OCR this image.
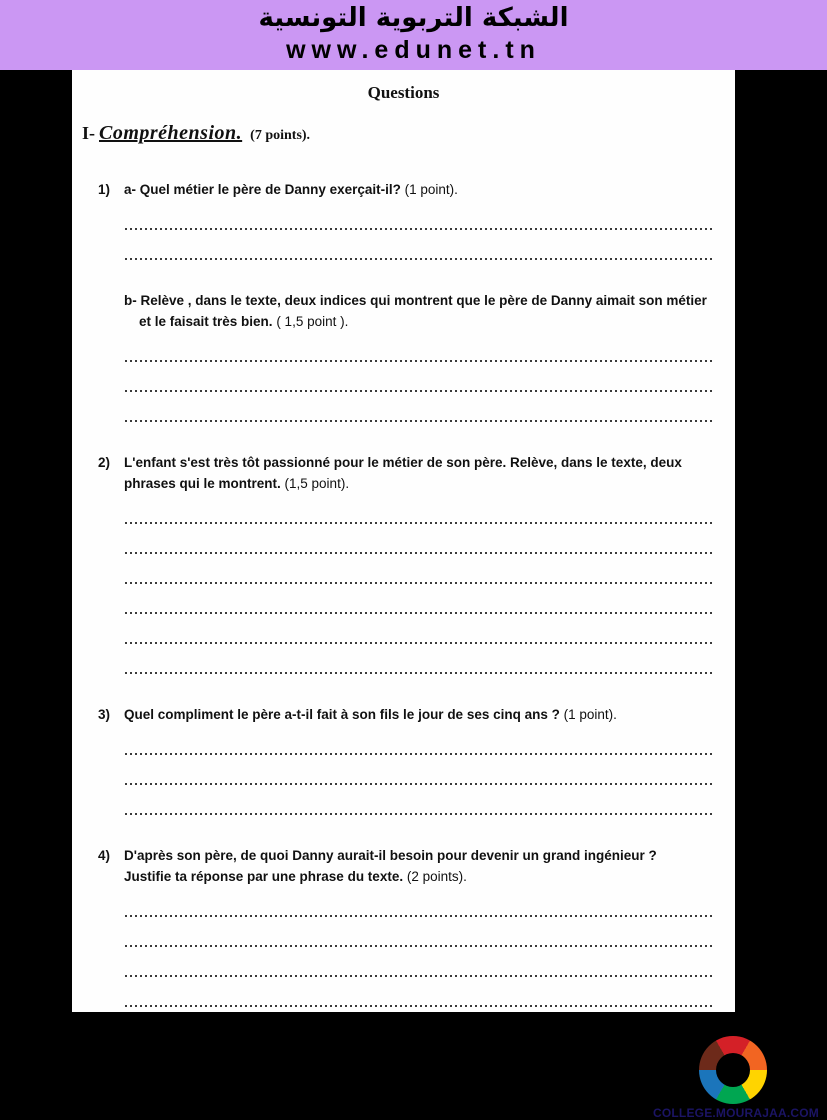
الشبكة التربوية التونسية
www.edunet.tn
Questions
I- Compréhension. (7 points).
1)	a- Quel métier le père de Danny exerçait-il? (1 point).
b- Relève , dans le texte, deux indices qui montrent que le père de Danny aimait son métier et le faisait très bien. ( 1,5 point ).
2)	L'enfant s'est très tôt passionné pour le métier de son père. Relève, dans le texte, deux phrases qui le montrent. (1,5 point).
3)	Quel compliment le père a-t-il fait à son fils le jour de ses cinq ans ? (1 point).
4)	D'après son père, de quoi Danny aurait-il besoin pour devenir un grand ingénieur ?
Justifie ta réponse par une phrase du texte. (2 points).
COLLEGE.MOURAJAA.COM
